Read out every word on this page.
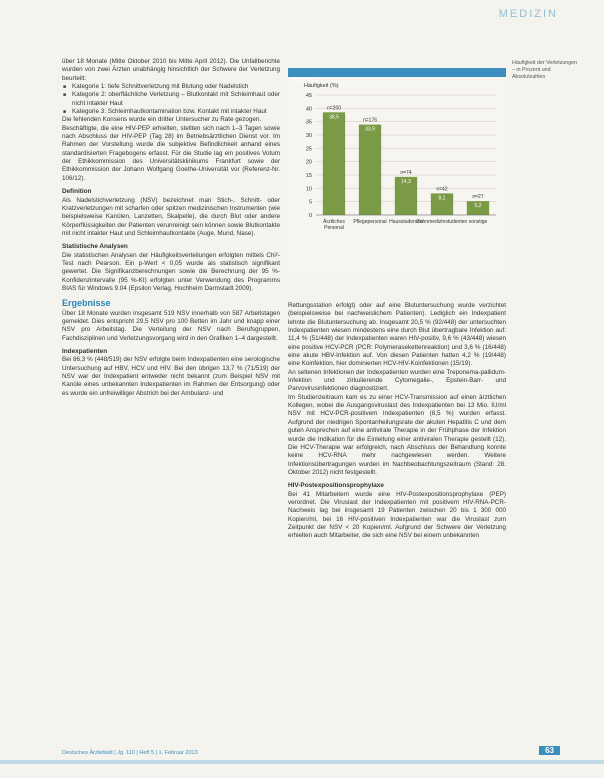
MEDIZIN

über 18 Monate (Mitte Oktober 2010 bis Mitte April 2012). Die Unfallberichte wurden von zwei Ärzten unabhängig hinsichtlich der Schwere der Verletzung beurteilt:

■ Kategorie 1: tiefe Schnittverletzung mit Blutung oder Nadelstich
■ Kategorie 2: oberflächliche Verletzung – Blutkontakt mit Schleimhaut oder nicht intakter Haut
■ Kategorie 3: Schleimhautkontamination bzw. Kontakt mit intakter Haut

Die fehlenden Konsens wurde ein dritter Untersucher zu Rate gezogen.

Beschäftigte, die eine HIV-PEP erhielten, stellten sich nach 1–3 Tagen sowie nach Abschluss der HIV-PEP (Tag 28) im Betriebsärztlichen Dienst vor. Im Rahmen der Vorstellung wurde die subjektive Befindlichkeit anhand eines standardisierten Fragebogens erfasst. Für die Studie lag ein positives Votum der Ethikkommission des Universitätsklinikums Frankfurt sowie der Ethikkommission der Johann Wolfgang Goethe-Universität vor (Referenz-Nr. 106/12).

Definition

Als Nadelstichverletzung (NSV) bezeichnet man Stich-, Schnitt- oder Kratzverletzungen mit scharfen oder spitzen medizinischen Instrumenten (wie beispielsweise Kanülen, Lanzetten, Skalpelle), die durch Blut oder andere Körperflüssigkeiten der Patienten verunreinigt sein können sowie Blutkontakte mit nicht intakter Haut und Schleimhautkontakte (Auge, Mund, Nase).

Statistische Analysen

Die statistischen Analysen der Häufigkeitsverteilungen erfolgten mittels Chi²-Test nach Pearson. Ein p-Wert < 0,05 wurde als statistisch signifikant gewertet. Die Signifikanzberechnungen sowie die Berechnung der 95 %-Konfidenzintervalle (95 %-KI) erfolgten unter Verwendung des Programms BIAS für Windows 9.04 (Epsilon Verlag, Hochheim Darmstadt 2009).

Ergebnisse

Über 18 Monate wurden insgesamt 519 NSV innerhalb von 587 Arbeitstagen gemeldet. Dies entspricht 29,5 NSV pro 100 Betten im Jahr und knapp einer NSV pro Arbeitstag. Die Verteilung der NSV nach Berufsgruppen, Fachdisziplinen und Verletzungsvorgang wird in den Grafiken 1–4 dargestellt.

Indexpatienten

Bei 86,3 % (448/519) der NSV erfolgte beim Indexpatienten eine serologische Untersuchung auf HBV, HCV und HIV. Bei den übrigen 13,7 % (71/519) der NSV war der Indexpatient entweder nicht bekannt (zum Beispiel NSV mit Kanüle eines unbekannten Indexpatienten im Rahmen der Entsorgung) oder es wurde ein unfreiwilliger Abstrich bei der Ambulanz- und

GRAFIK 2
Häufigkeit (%)
0
5
10
15
20
25
30
35
40
45
38,5
n=200
Ärztliches
Personal
33,9
n=176
Pflegepersonal
14,3
n=74
Hausstudenten
8,1
n=42
Zahnmedizinstudenten
5,2
n=27
sonstige
Häufigkeit der Verletzungen – in Prozent und Absolutzahlen

Rettungsstation erfolgt) oder auf eine Blutuntersuchung wurde verzichtet (beispielsweise bei nachweislichem Patienten). Lediglich ein Indexpatient lehnte die Blutuntersuchung ab. Insgesamt 20,5 % (92/448) der untersuchten Indexpatienten wiesen mindestens eine durch Blut übertragbare Infektion auf: 11,4 % (51/448) der Indexpatienten waren HIV-positiv, 9,6 % (43/448) wiesen eine positive HCV-PCR (PCR: Polymerasekettenreaktion) und 3,6 % (16/448) eine akute HBV-Infektion auf. Von diesen Patienten hatten 4,2 % (19/448) eine Koinfektion, hier dominierten HCV-HIV-Koinfektionen (15/19).

An seltenen Infektionen der Indexpatienten wurden eine Treponema-pallidum-Infektion und zirkulierende Cytomegalie-, Epstein-Barr- und Parvovirusinfektionen diagnostiziert.

Im Studienzeitraum kam es zu einer HCV-Transmission auf einen ärztlichen Kollegen, wobei die Ausgangsviruslast des Indexpatienten bei 13 Mio. IU/ml NSV mit HCV-PCR-positivem Indexpatienten (8,5 %) wurden erfasst. Aufgrund der niedrigen Spontanheilungsrate der akuten Hepatitis C und dem guten Ansprechen auf eine antivirale Therapie in der Frühphase der Infektion wurde die Indikation für die Einleitung einer antiviralen Therapie gestellt (12). Die HCV-Therapie war erfolgreich, nach Abschluss der Behandlung konnte keine HCV-RNA mehr nachgewiesen werden. Weitere Infektionsübertragungen wurden im Nachbeobachtungszeitraum (Stand: 28. Oktober 2012) nicht festgestellt.

HIV-Postexpositionsprophylaxe

Bei 41 Mitarbeitern wurde eine HIV-Postexpositionsprophylaxe (PEP) verordnet. Die Viruslast der Indexpatienten mit positivem HIV-RNA-PCR-Nachweis lag bei insgesamt 19 Patienten zwischen 20 bis 1 300 000 Kopien/ml, bei 16 HIV-positiven Indexpatienten war die Viruslast zum Zeitpunkt der NSV < 20 Kopien/ml. Aufgrund der Schwere der Verletzung erhielten auch Mitarbeiter, die sich eine NSV bei einem unbekannten

Deutsches Ärzteblatt | Jg. 110 | Heft 5 | 1. Februar 2013	63
